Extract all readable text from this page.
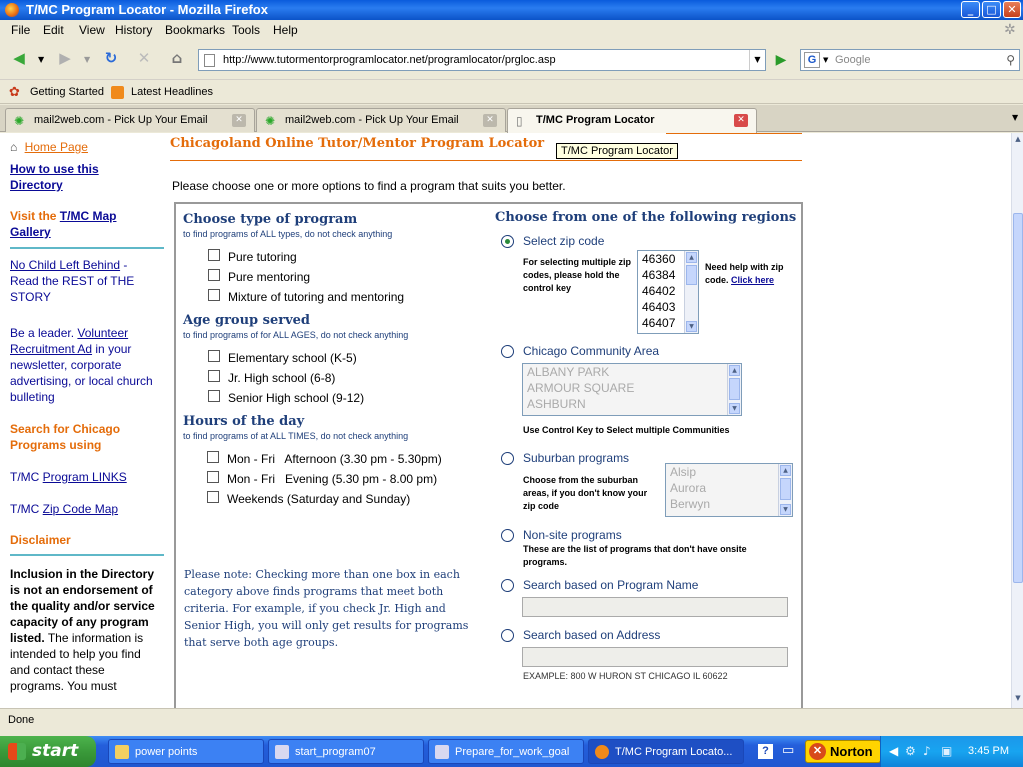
T/MC Program Locator - Mozilla Firefox	_	□ ✕
File Edit View History Bookmarks Tools Help	✲
◀	▼	▶	▼ ↻	✕	⌂	http://www.tutormentorprogramlocator.net/programlocator/prgloc.asp	▼	▶	G ▼ Google	⚲
✿ Getting Started Latest Headlines
✺ mail2web.com - Pick Up Your Email	✕ ✺ mail2web.com - Pick Up Your Email	✕ ▯ T/MC Program Locator	✕	▼
⌂ Home Page
How to use this Directory
Visit the T/MC Map Gallery
No Child Left Behind -
Read the REST of THE STORY
Be a leader. Volunteer Recruitment Ad in your newsletter, corporate advertising, or local church bulleting
Search for Chicago Programs using
T/MC Program LINKS
T/MC Zip Code Map
Disclaimer
Inclusion in the Directory is not an endorsement of the quality and/or service capacity of any program listed. The information is intended to help you find and contact these programs. You must
Chicagoland Online Tutor/Mentor Program Locator
Please choose one or more options to find a program that suits you better.
Choose type of program
to find programs of ALL types, do not check anything
Pure tutoring
Pure mentoring
Mixture of tutoring and mentoring
Age group served
to find programs of for ALL AGES, do not check anything
Elementary school (K-5)
Jr. High school (6-8)
Senior High school (9-12)
Hours of the day
to find programs of at ALL TIMES, do not check anything
Mon - Fri   Afternoon (3.30 pm - 5.30pm)
Mon - Fri   Evening (5.30 pm - 8.00 pm)
Weekends (Saturday and Sunday)
Please note: Checking more than one box in each category above finds programs that meet both criteria. For example, if you check Jr. High and Senior High, you will only get results for programs that serve both age groups.
Choose from one of the following regions
Select zip code
For selecting multiple zip codes, please hold the control key
46360
46384
46402
46403
46407
▲
▼
Need help with zip code. Click here
Chicago Community Area
ALBANY PARK
ARMOUR SQUARE
ASHBURN
▲
▼
Use Control Key to Select multiple Communities
Suburban programs
Choose from the suburban areas, if you don't know your zip code
Alsip
Aurora
Berwyn
▲
▼
Non-site programs
These are the list of programs that don't have onsite programs.
Search based on Program Name
Search based on Address
EXAMPLE: 800 W HURON ST CHICAGO IL 60622
T/MC Program Locator
▲
▼
Done
start	power points	start_program07	Prepare_for_work_goal	T/MC Program Locato...	?	▭	✕ Norton ◀ ⚙ ♪ ▣ 3:45 PM
